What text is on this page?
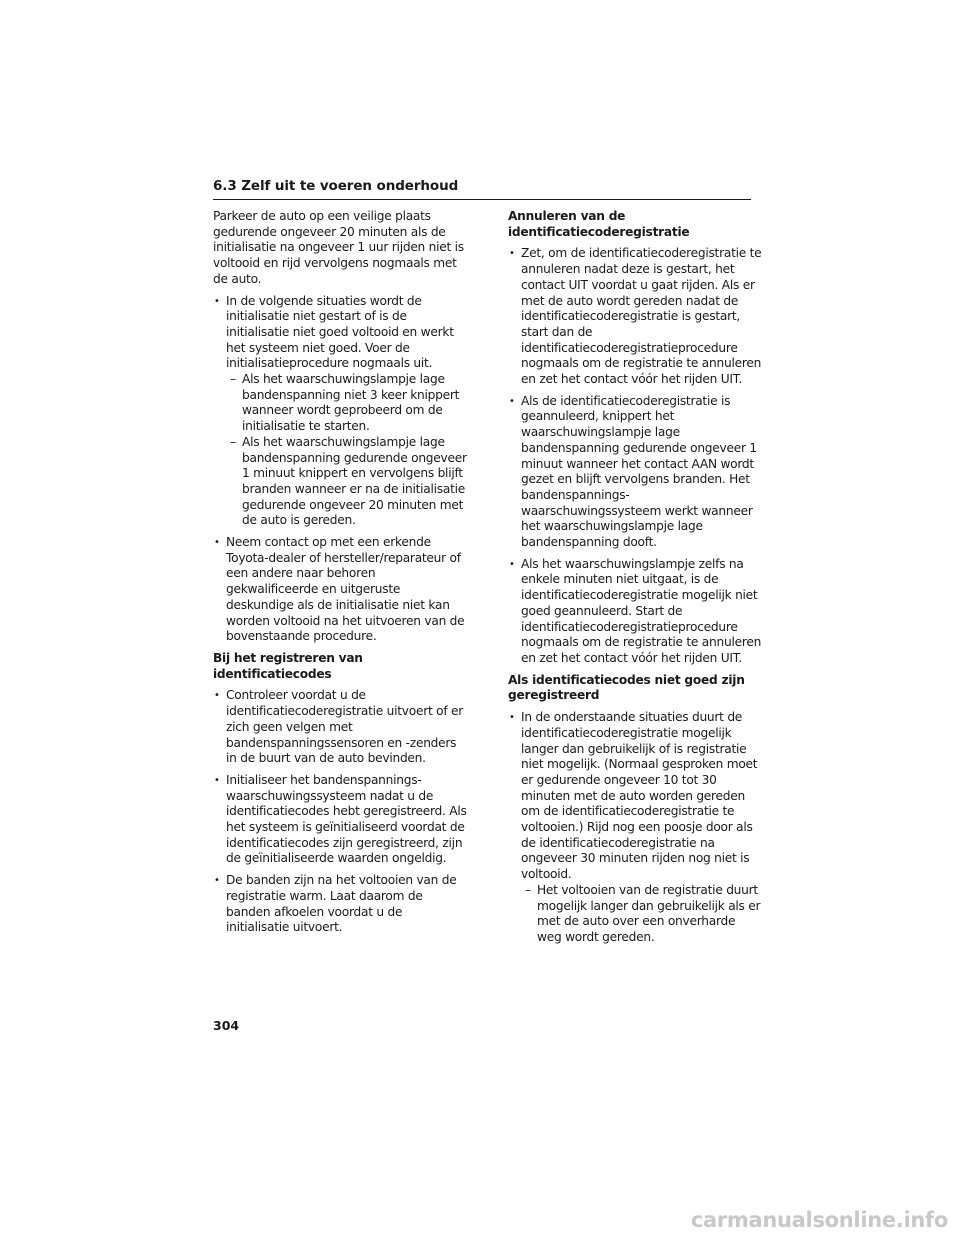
6.3 Zelf uit te voeren onderhoud

Parkeer de auto op een veilige plaats gedurende ongeveer 20 minuten als de initialisatie na ongeveer 1 uur rijden niet is voltooid en rijd vervolgens nogmaals met de auto.

• In de volgende situaties wordt de initialisatie niet gestart of is de initialisatie niet goed voltooid en werkt het systeem niet goed. Voer de initialisatieprocedure nogmaals uit.
– Als het waarschuwingslampje lage bandenspanning niet 3 keer knippert wanneer wordt geprobeerd om de initialisatie te starten.
– Als het waarschuwingslampje lage bandenspanning gedurende ongeveer 1 minuut knippert en vervolgens blijft branden wanneer er na de initialisatie gedurende ongeveer 20 minuten met de auto is gereden.
• Neem contact op met een erkende Toyota-dealer of hersteller/reparateur of een andere naar behoren gekwalificeerde en uitgeruste deskundige als de initialisatie niet kan worden voltooid na het uitvoeren van de bovenstaande procedure.
Bij het registreren van identificatiecodes
• Controleer voordat u de identificatiecoderegistratie uitvoert of er zich geen velgen met bandenspanningssensoren en -zenders in de buurt van de auto bevinden.
• Initialiseer het bandenspanningswaarschuwingssysteem nadat u de identificatiecodes hebt geregistreerd. Als het systeem is geïnitialiseerd voordat de identificatiecodes zijn geregistreerd, zijn de geïnitialiseerde waarden ongeldig.
• De banden zijn na het voltooien van de registratie warm. Laat daarom de banden afkoelen voordat u de initialisatie uitvoert.
Annuleren van de identificatiecoderegistratie
• Zet, om de identificatiecoderegistratie te annuleren nadat deze is gestart, het contact UIT voordat u gaat rijden. Als er met de auto wordt gereden nadat de identificatiecoderegistratie is gestart, start dan de identificatiecoderegistratieprocedure nogmaals om de registratie te annuleren en zet het contact vóór het rijden UIT.
• Als de identificatiecoderegistratie is geannuleerd, knippert het waarschuwingslampje lage bandenspanning gedurende ongeveer 1 minuut wanneer het contact AAN wordt gezet en blijft vervolgens branden. Het bandenspanningswaarschuwingssysteem werkt wanneer het waarschuwingslampje lage bandenspanning dooft.
• Als het waarschuwingslampje zelfs na enkele minuten niet uitgaat, is de identificatiecoderegistratie mogelijk niet goed geannuleerd. Start de identificatiecoderegistratieprocedure nogmaals om de registratie te annuleren en zet het contact vóór het rijden UIT.
Als identificatiecodes niet goed zijn geregistreerd
• In de onderstaande situaties duurt de identificatiecoderegistratie mogelijk langer dan gebruikelijk of is registratie niet mogelijk. (Normaal gesproken moet er gedurende ongeveer 10 tot 30 minuten met de auto worden gereden om de identificatiecoderegistratie te voltooien.) Rijd nog een poosje door als de identificatiecoderegistratie na ongeveer 30 minuten rijden nog niet is voltooid.
– Het voltooien van de registratie duurt mogelijk langer dan gebruikelijk als er met de auto over een onverharde weg wordt gereden.
304
carmanualsonline.info
